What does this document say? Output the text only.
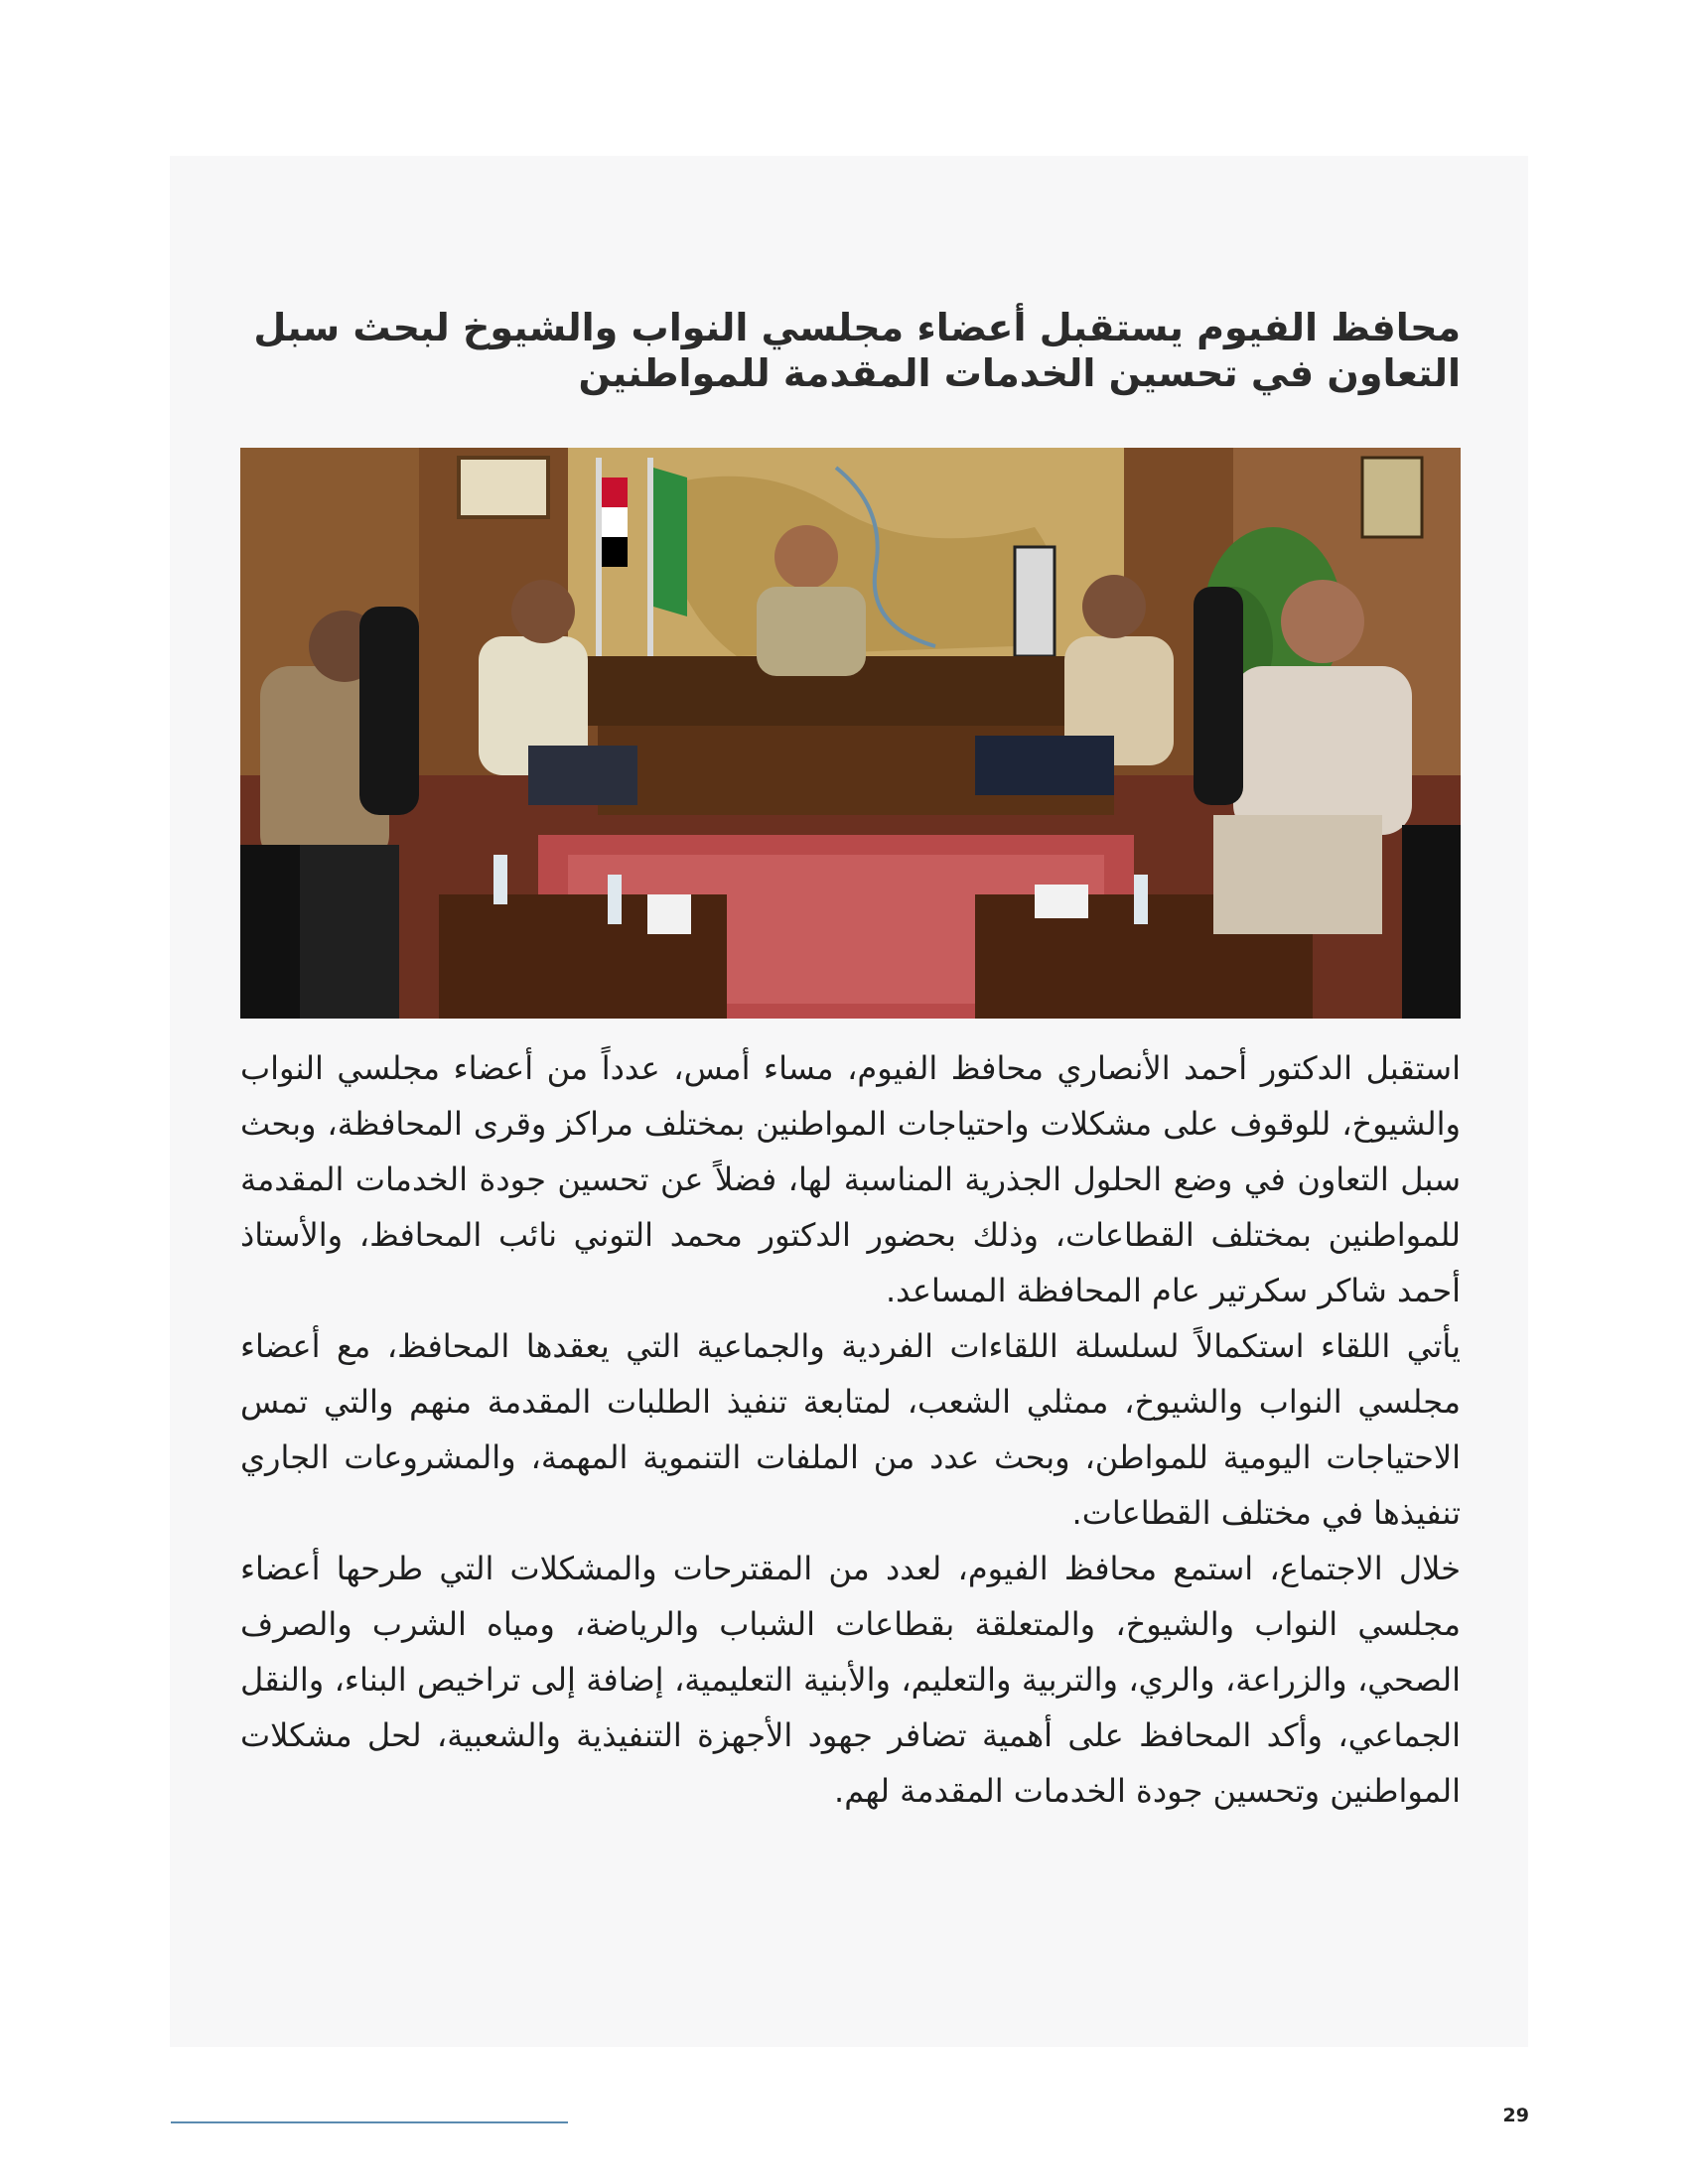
محافظ الفيوم يستقبل أعضاء مجلسي النواب والشيوخ لبحث سبل التعاون في تحسين الخدمات المقدمة للمواطنين

استقبل الدكتور أحمد الأنصاري محافظ الفيوم، مساء أمس، عدداً من أعضاء مجلسي النواب والشيوخ، للوقوف على مشكلات واحتياجات المواطنين بمختلف مراكز وقرى المحافظة، وبحث سبل التعاون في وضع الحلول الجذرية المناسبة لها، فضلاً عن تحسين جودة الخدمات المقدمة للمواطنين بمختلف القطاعات، وذلك بحضور الدكتور محمد التوني نائب المحافظ، والأستاذ أحمد شاكر سكرتير عام المحافظة المساعد.

يأتي اللقاء استكمالاً لسلسلة اللقاءات الفردية والجماعية التي يعقدها المحافظ، مع أعضاء مجلسي النواب والشيوخ، ممثلي الشعب، لمتابعة تنفيذ الطلبات المقدمة منهم والتي تمس الاحتياجات اليومية للمواطن، وبحث عدد من الملفات التنموية المهمة، والمشروعات الجاري تنفيذها في مختلف القطاعات.

خلال الاجتماع، استمع محافظ الفيوم، لعدد من المقترحات والمشكلات التي طرحها أعضاء مجلسي النواب والشيوخ، والمتعلقة بقطاعات الشباب والرياضة، ومياه الشرب والصرف الصحي، والزراعة، والري، والتربية والتعليم، والأبنية التعليمية، إضافة إلى تراخيص البناء، والنقل الجماعي، وأكد المحافظ على أهمية تضافر جهود الأجهزة التنفيذية والشعبية، لحل مشكلات المواطنين وتحسين جودة الخدمات المقدمة لهم.

29
